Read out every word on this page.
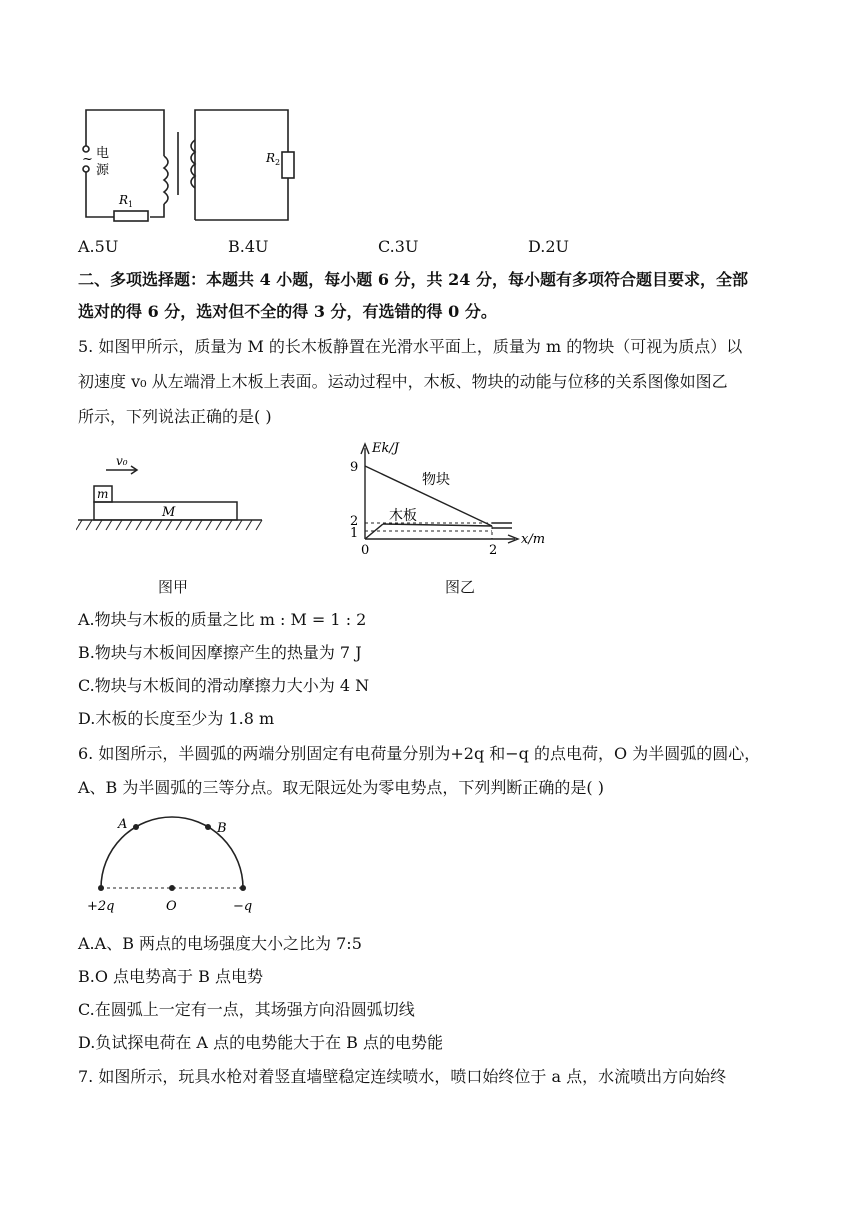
~ 电
源
$R_1$
$R_2$
A.5U	B.4U	C.3U	D.2U
二、多项选择题：本题共 4 小题，每小题 6 分，共 24 分，每小题有多项符合题目要求，全部
选对的得 6 分，选对但不全的得 3 分，有选错的得 0 分。
5. 如图甲所示，质量为 M 的长木板静置在光滑水平面上，质量为 m 的物块（可视为质点）以
初速度 v₀ 从左端滑上木板上表面。运动过程中，木板、物块的动能与位移的关系图像如图乙
所示，下列说法正确的是( )
v₀
m
M
图甲
Ek/J
x/m
9
2
1
0	2
物块
木板
图乙
A.物块与木板的质量之比 m : M = 1 : 2
B.物块与木板间因摩擦产生的热量为 7 J
C.物块与木板间的滑动摩擦力大小为 4 N
D.木板的长度至少为 1.8 m
6. 如图所示，半圆弧的两端分别固定有电荷量分别为+2q 和−q 的点电荷，O 为半圆弧的圆心，
A、B 为半圆弧的三等分点。取无限远处为零电势点，下列判断正确的是( )
A	B
+2q	O	−q
A.A、B 两点的电场强度大小之比为 7:5
B.O 点电势高于 B 点电势
C.在圆弧上一定有一点，其场强方向沿圆弧切线
D.负试探电荷在 A 点的电势能大于在 B 点的电势能
7. 如图所示，玩具水枪对着竖直墙壁稳定连续喷水，喷口始终位于 a 点，水流喷出方向始终
